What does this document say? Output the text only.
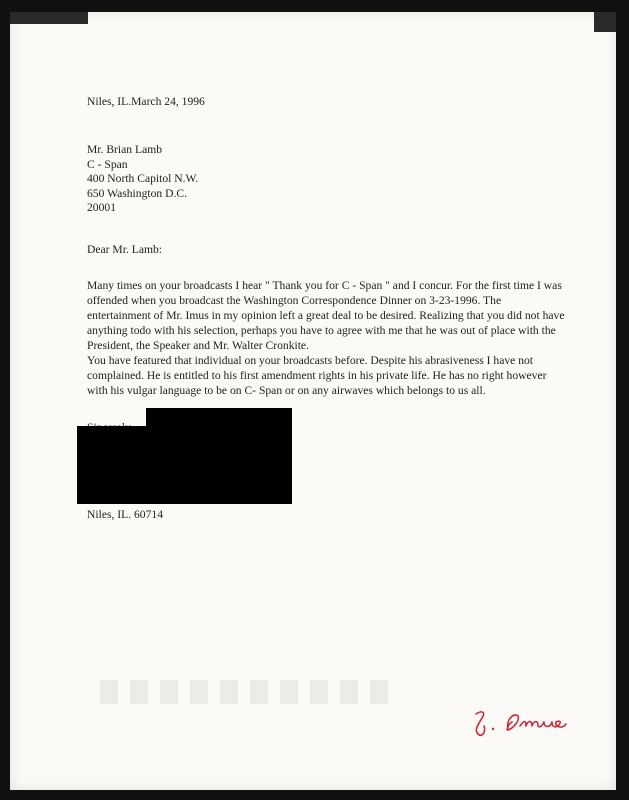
Niles, IL.March 24, 1996
Mr. Brian Lamb
C - Span
400 North Capitol N.W.
650 Washington D.C.
20001
Dear Mr. Lamb:

Many times on your broadcasts I hear " Thank you for C - Span " and I concur. For the first time I was offended when you broadcast the Washington Correspondence Dinner on 3-23-1996. The entertainment of Mr. Imus in my opinion left a great deal to be desired. Realizing that you did not have anything todo with his selection, perhaps you have to agree with me that he was out of place with the President, the Speaker and Mr. Walter Cronkite.

You have featured that individual on your broadcasts before. Despite his abrasiveness I have not complained. He is entitled to his first amendment rights in his private life. He has no right however with his vulgar language to be on C- Span or on any airwaves which belongs to us all.

Niles, IL. 60714
J. Imus
